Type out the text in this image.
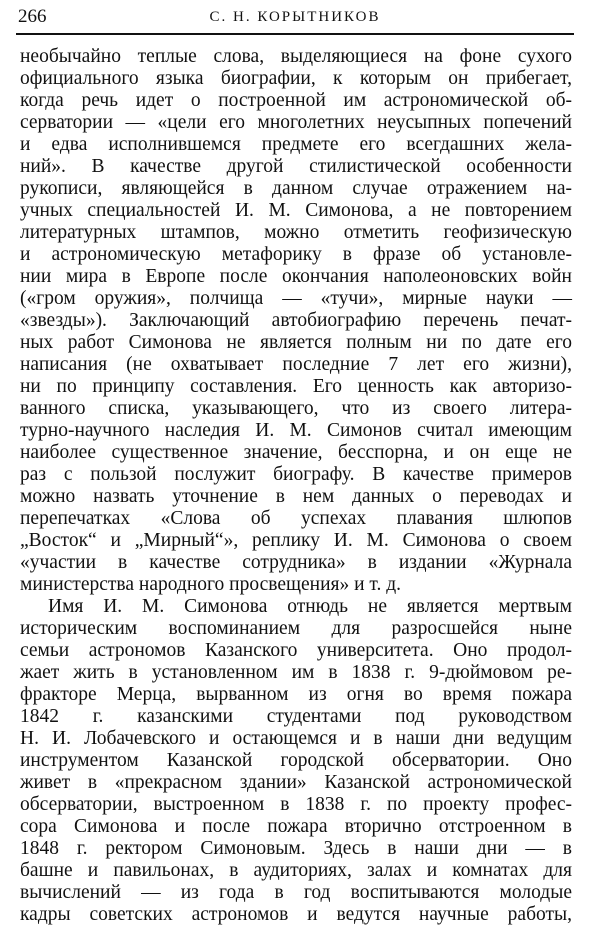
266	С. Н. КОРЫТНИКОВ
необычайно теплые слова, выделяющиеся на фоне сухого
официального языка биографии, к которым он прибегает,
когда речь идет о построенной им астрономической об-
серватории — «цели его многолетних неусыпных попечений
и едва исполнившемся предмете его всегдашних жела-
ний». В качестве другой стилистической особенности
рукописи, являющейся в данном случае отражением на-
учных специальностей И. М. Симонова, а не повторением
литературных штампов, можно отметить геофизическую
и астрономическую метафорику в фразе об установле-
нии мира в Европе после окончания наполеоновских войн
(«гром оружия», полчища — «тучи», мирные науки —
«звезды»). Заключающий автобиографию перечень печат-
ных работ Симонова не является полным ни по дате его
написания (не охватывает последние 7 лет его жизни),
ни по принципу составления. Его ценность как авторизо-
ванного списка, указывающего, что из своего литера-
турно-научного наследия И. М. Симонов считал имеющим
наиболее существенное значение, бесспорна, и он еще не
раз с пользой послужит биографу. В качестве примеров
можно назвать уточнение в нем данных о переводах и
перепечатках «Слова об успехах плавания шлюпов
„Восток“ и „Мирный“», реплику И. М. Симонова о своем
«участии в качестве сотрудника» в издании «Журнала
министерства народного просвещения» и т. д.
Имя И. М. Симонова отнюдь не является мертвым
историческим воспоминанием для разросшейся ныне
семьи астрономов Казанского университета. Оно продол-
жает жить в установленном им в 1838 г. 9-дюймовом ре-
фракторе Мерца, вырванном из огня во время пожара
1842 г. казанскими студентами под руководством
Н. И. Лобачевского и остающемся и в наши дни ведущим
инструментом Казанской городской обсерватории. Оно
живет в «прекрасном здании» Казанской астрономической
обсерватории, выстроенном в 1838 г. по проекту профес-
сора Симонова и после пожара вторично отстроенном в
1848 г. ректором Симоновым. Здесь в наши дни — в
башне и павильонах, в аудиториях, залах и комнатах для
вычислений — из года в год воспитываются молодые
кадры советских астрономов и ведутся научные работы,
